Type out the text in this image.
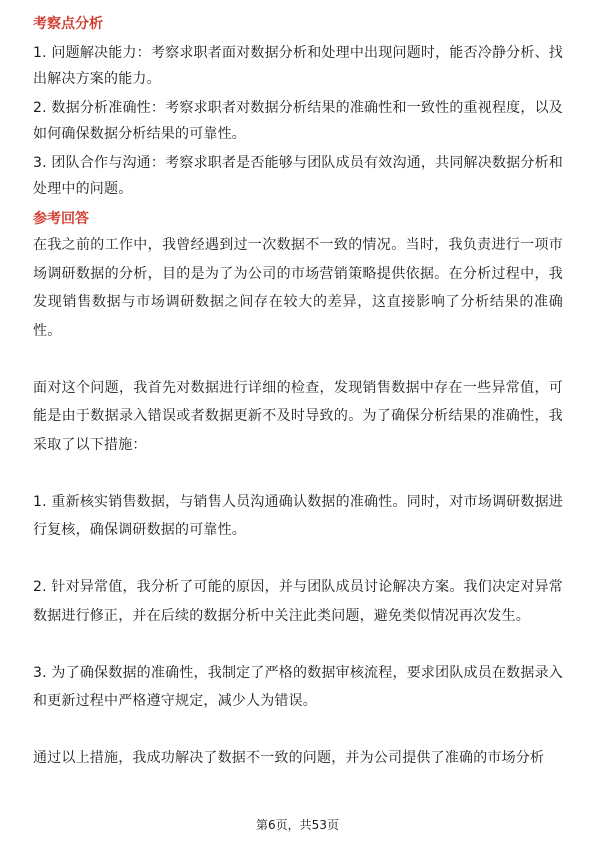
考察点分析

1. 问题解决能力：考察求职者面对数据分析和处理中出现问题时，能否冷静分析、找出解决方案的能力。

2. 数据分析准确性：考察求职者对数据分析结果的准确性和一致性的重视程度，以及如何确保数据分析结果的可靠性。

3. 团队合作与沟通：考察求职者是否能够与团队成员有效沟通，共同解决数据分析和处理中的问题。

参考回答

在我之前的工作中，我曾经遇到过一次数据不一致的情况。当时，我负责进行一项市场调研数据的分析，目的是为了为公司的市场营销策略提供依据。在分析过程中，我发现销售数据与市场调研数据之间存在较大的差异，这直接影响了分析结果的准确性。

面对这个问题，我首先对数据进行详细的检查，发现销售数据中存在一些异常值，可能是由于数据录入错误或者数据更新不及时导致的。为了确保分析结果的准确性，我采取了以下措施：

1. 重新核实销售数据，与销售人员沟通确认数据的准确性。同时，对市场调研数据进行复核，确保调研数据的可靠性。

2. 针对异常值，我分析了可能的原因，并与团队成员讨论解决方案。我们决定对异常数据进行修正，并在后续的数据分析中关注此类问题，避免类似情况再次发生。

3. 为了确保数据的准确性，我制定了严格的数据审核流程，要求团队成员在数据录入和更新过程中严格遵守规定，减少人为错误。

通过以上措施，我成功解决了数据不一致的问题，并为公司提供了准确的市场分析

第6页，共53页
